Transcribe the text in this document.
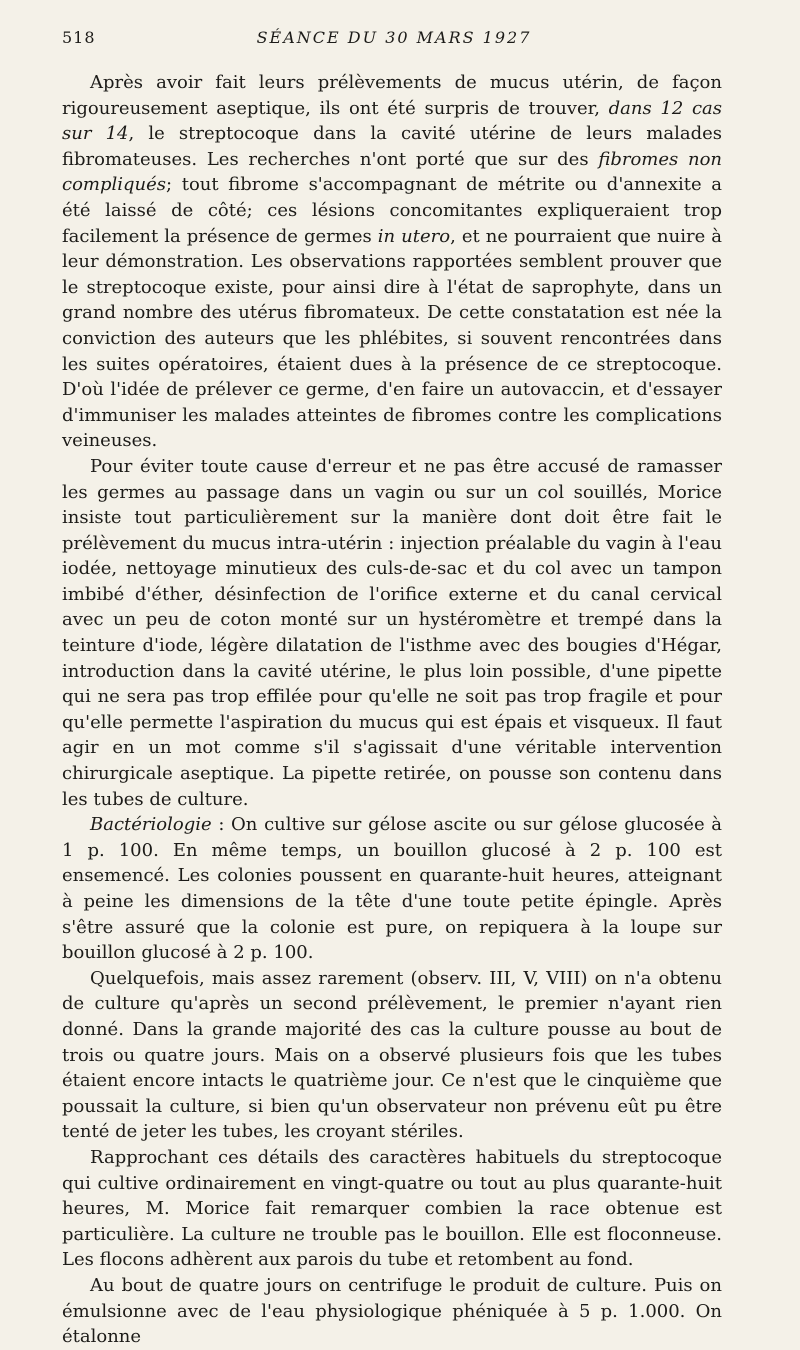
518	SÉANCE DU 30 MARS 1927

Après avoir fait leurs prélèvements de mucus utérin, de façon rigoureusement aseptique, ils ont été surpris de trouver, dans 12 cas sur 14, le streptocoque dans la cavité utérine de leurs malades fibromateuses. Les recherches n'ont porté que sur des fibromes non compliqués; tout fibrome s'accompagnant de métrite ou d'annexite a été laissé de côté; ces lésions concomitantes expliqueraient trop facilement la présence de germes in utero, et ne pourraient que nuire à leur démonstration. Les observations rapportées semblent prouver que le streptocoque existe, pour ainsi dire à l'état de saprophyte, dans un grand nombre des utérus fibromateux. De cette constatation est née la conviction des auteurs que les phlébites, si souvent rencontrées dans les suites opératoires, étaient dues à la présence de ce streptocoque. D'où l'idée de prélever ce germe, d'en faire un autovaccin, et d'essayer d'immuniser les malades atteintes de fibromes contre les complications veineuses.

Pour éviter toute cause d'erreur et ne pas être accusé de ramasser les germes au passage dans un vagin ou sur un col souillés, Morice insiste tout particulièrement sur la manière dont doit être fait le prélèvement du mucus intra-utérin : injection préalable du vagin à l'eau iodée, nettoyage minutieux des culs-de-sac et du col avec un tampon imbibé d'éther, désinfection de l'orifice externe et du canal cervical avec un peu de coton monté sur un hystéromètre et trempé dans la teinture d'iode, légère dilatation de l'isthme avec des bougies d'Hégar, introduction dans la cavité utérine, le plus loin possible, d'une pipette qui ne sera pas trop effilée pour qu'elle ne soit pas trop fragile et pour qu'elle permette l'aspiration du mucus qui est épais et visqueux. Il faut agir en un mot comme s'il s'agissait d'une véritable intervention chirurgicale aseptique. La pipette retirée, on pousse son contenu dans les tubes de culture.

Bactériologie : On cultive sur gélose ascite ou sur gélose glucosée à 1 p. 100. En même temps, un bouillon glucosé à 2 p. 100 est ensemencé. Les colonies poussent en quarante-huit heures, atteignant à peine les dimensions de la tête d'une toute petite épingle. Après s'être assuré que la colonie est pure, on repiquera à la loupe sur bouillon glucosé à 2 p. 100.

Quelquefois, mais assez rarement (observ. III, V, VIII) on n'a obtenu de culture qu'après un second prélèvement, le premier n'ayant rien donné. Dans la grande majorité des cas la culture pousse au bout de trois ou quatre jours. Mais on a observé plusieurs fois que les tubes étaient encore intacts le quatrième jour. Ce n'est que le cinquième que poussait la culture, si bien qu'un observateur non prévenu eût pu être tenté de jeter les tubes, les croyant stériles.

Rapprochant ces détails des caractères habituels du streptocoque qui cultive ordinairement en vingt-quatre ou tout au plus quarante-huit heures, M. Morice fait remarquer combien la race obtenue est particulière. La culture ne trouble pas le bouillon. Elle est floconneuse. Les flocons adhèrent aux parois du tube et retombent au fond.

Au bout de quatre jours on centrifuge le produit de culture. Puis on émulsionne avec de l'eau physiologique phéniquée à 5 p. 1.000. On étalonne
